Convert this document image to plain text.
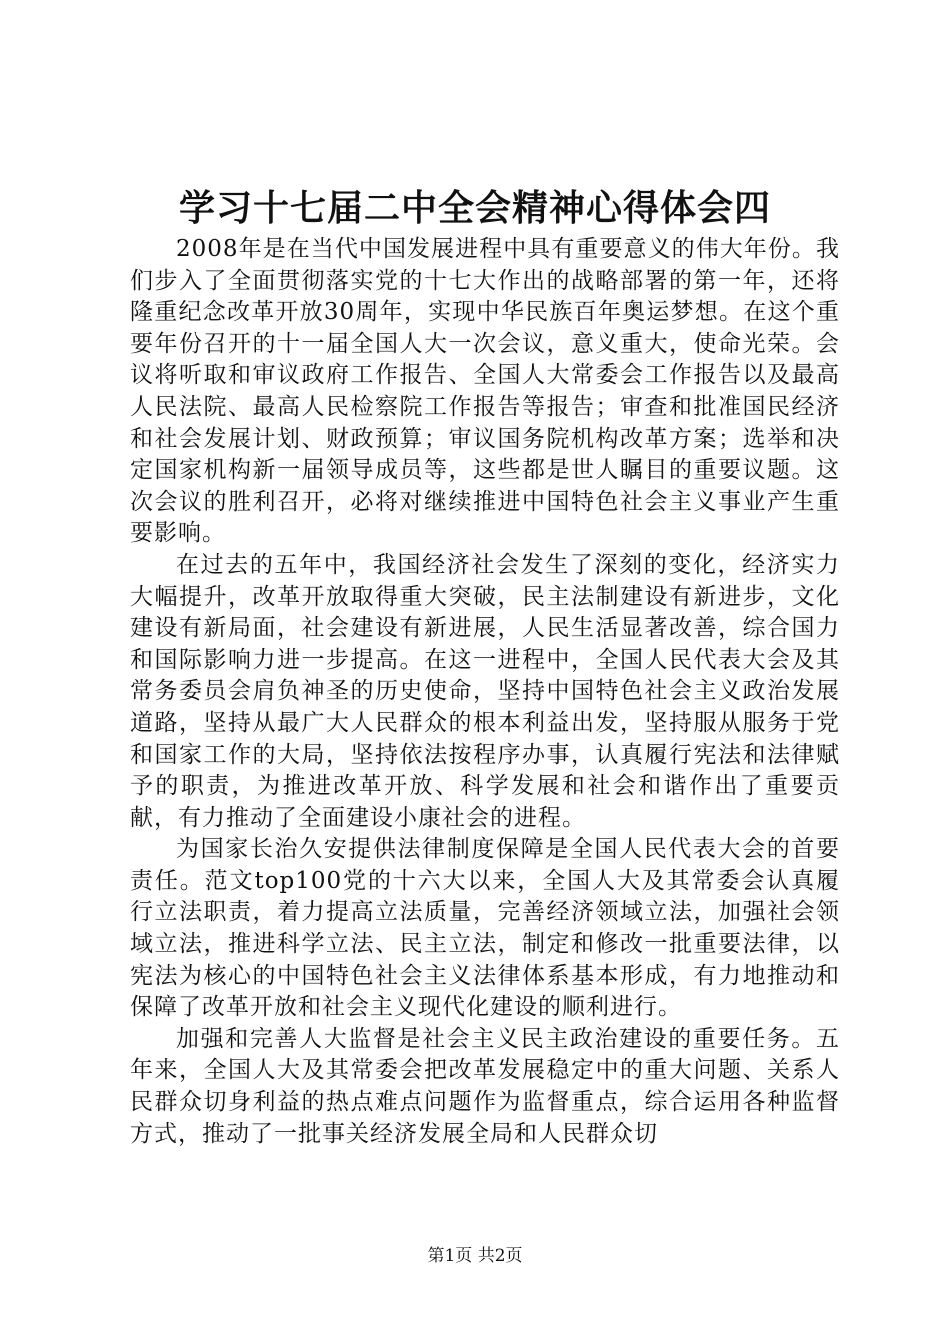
学习十七届二中全会精神心得体会四

2008年是在当代中国发展进程中具有重要意义的伟大年份。我们步入了全面贯彻落实党的十七大作出的战略部署的第一年，还将隆重纪念改革开放30周年，实现中华民族百年奥运梦想。在这个重要年份召开的十一届全国人大一次会议，意义重大，使命光荣。会议将听取和审议政府工作报告、全国人大常委会工作报告以及最高人民法院、最高人民检察院工作报告等报告；审查和批准国民经济和社会发展计划、财政预算；审议国务院机构改革方案；选举和决定国家机构新一届领导成员等，这些都是世人瞩目的重要议题。这次会议的胜利召开，必将对继续推进中国特色社会主义事业产生重要影响。

在过去的五年中，我国经济社会发生了深刻的变化，经济实力大幅提升，改革开放取得重大突破，民主法制建设有新进步，文化建设有新局面，社会建设有新进展，人民生活显著改善，综合国力和国际影响力进一步提高。在这一进程中，全国人民代表大会及其常务委员会肩负神圣的历史使命，坚持中国特色社会主义政治发展道路，坚持从最广大人民群众的根本利益出发，坚持服从服务于党和国家工作的大局，坚持依法按程序办事，认真履行宪法和法律赋予的职责，为推进改革开放、科学发展和社会和谐作出了重要贡献，有力推动了全面建设小康社会的进程。

为国家长治久安提供法律制度保障是全国人民代表大会的首要责任。范文top100党的十六大以来，全国人大及其常委会认真履行立法职责，着力提高立法质量，完善经济领域立法，加强社会领域立法，推进科学立法、民主立法，制定和修改一批重要法律，以宪法为核心的中国特色社会主义法律体系基本形成，有力地推动和保障了改革开放和社会主义现代化建设的顺利进行。

加强和完善人大监督是社会主义民主政治建设的重要任务。五年来，全国人大及其常委会把改革发展稳定中的重大问题、关系人民群众切身利益的热点难点问题作为监督重点，综合运用各种监督方式，推动了一批事关经济发展全局和人民群众切

第1页 共2页
